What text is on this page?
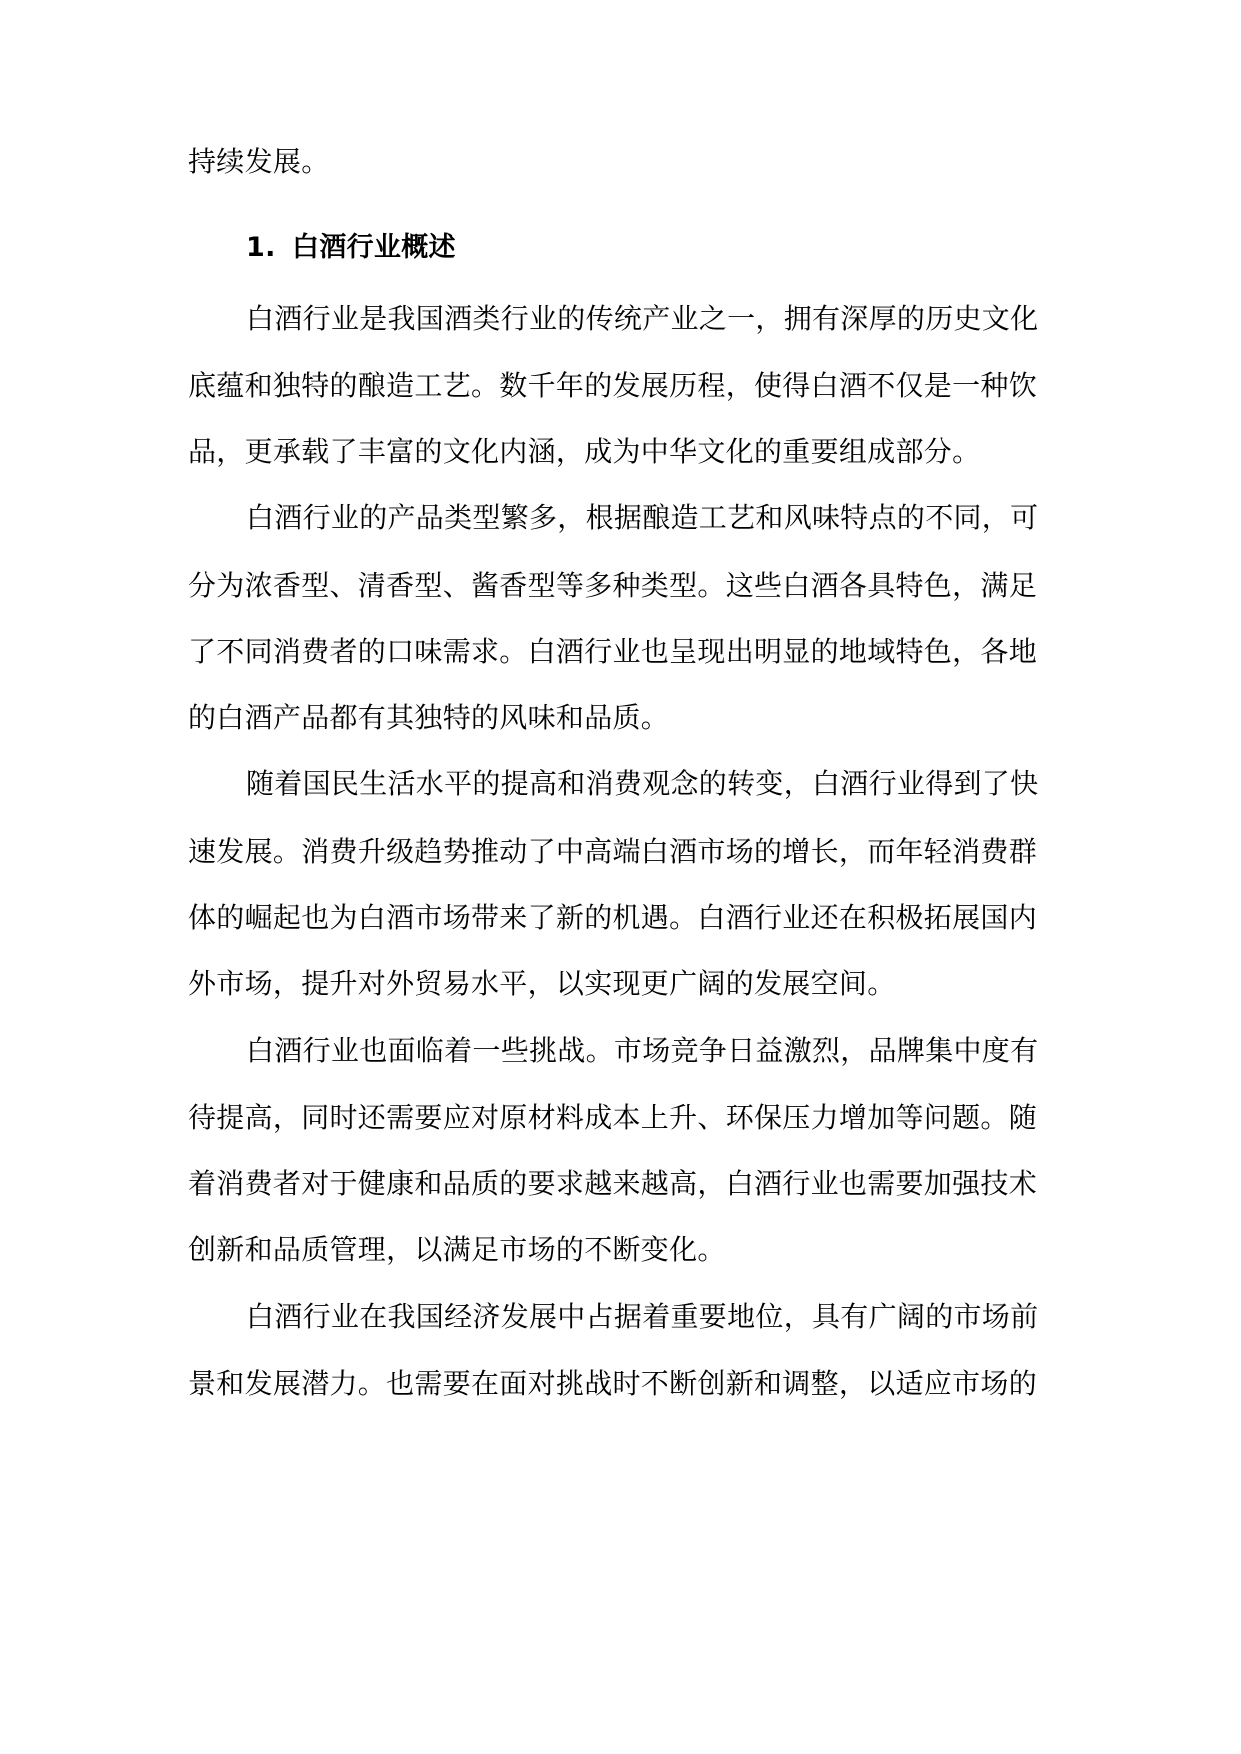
持续发展。
1. 白酒行业概述
白酒行业是我国酒类行业的传统产业之一，拥有深厚的历史文化
底蕴和独特的酿造工艺。数千年的发展历程，使得白酒不仅是一种饮
品，更承载了丰富的文化内涵，成为中华文化的重要组成部分。
白酒行业的产品类型繁多，根据酿造工艺和风味特点的不同，可
分为浓香型、清香型、酱香型等多种类型。这些白酒各具特色，满足
了不同消费者的口味需求。白酒行业也呈现出明显的地域特色，各地
的白酒产品都有其独特的风味和品质。
随着国民生活水平的提高和消费观念的转变，白酒行业得到了快
速发展。消费升级趋势推动了中高端白酒市场的增长，而年轻消费群
体的崛起也为白酒市场带来了新的机遇。白酒行业还在积极拓展国内
外市场，提升对外贸易水平，以实现更广阔的发展空间。
白酒行业也面临着一些挑战。市场竞争日益激烈，品牌集中度有
待提高，同时还需要应对原材料成本上升、环保压力增加等问题。随
着消费者对于健康和品质的要求越来越高，白酒行业也需要加强技术
创新和品质管理，以满足市场的不断变化。
白酒行业在我国经济发展中占据着重要地位，具有广阔的市场前
景和发展潜力。也需要在面对挑战时不断创新和调整，以适应市场的
